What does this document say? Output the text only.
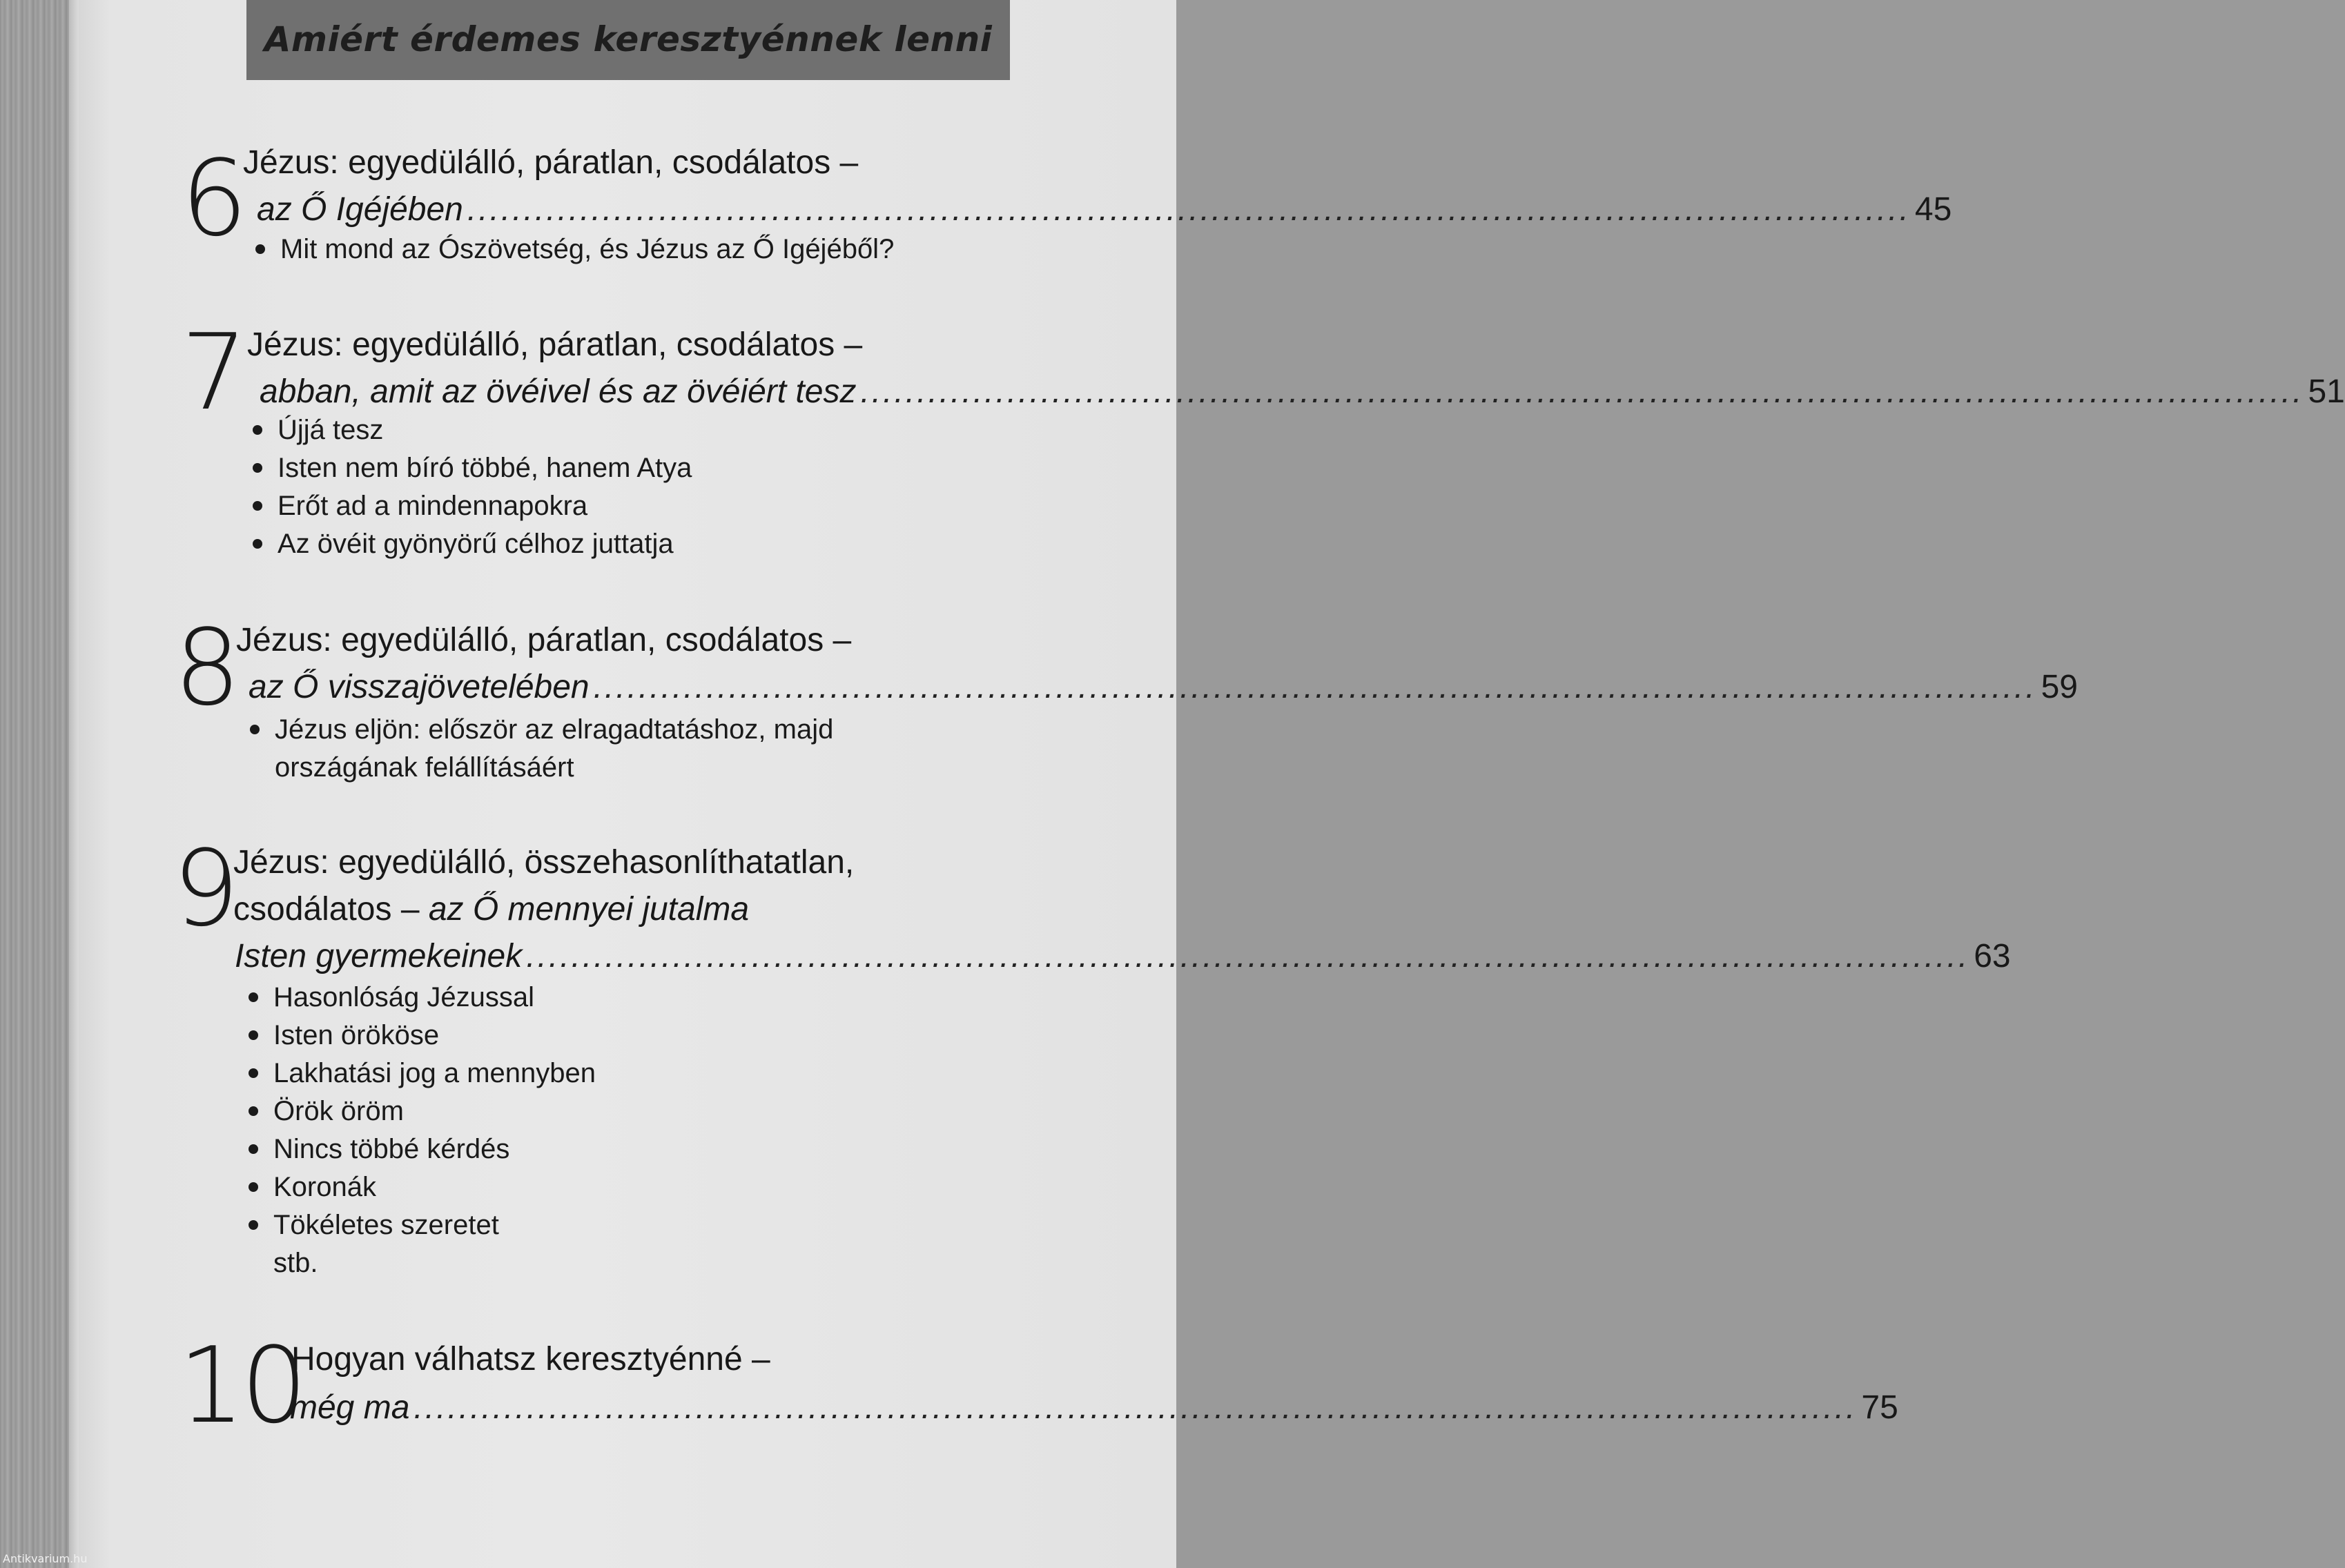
Amiért érdemes keresztyénnek lenni
6
Jézus: egyedülálló, páratlan, csodálatos –
az Ő Igéjében ................................................................................................................................ 45
Mit mond az Ószövetség, és Jézus az Ő Igéjéből?
7 Jézus: egyedülálló, páratlan, csodálatos –
abban, amit az övéivel és az övéiért tesz ................................................................................................................................ 51
Újjá tesz
Isten nem bíró többé, hanem Atya
Erőt ad a mindennapokra
Az övéit gyönyörű célhoz juttatja
8
Jézus: egyedülálló, páratlan, csodálatos –
az Ő visszajövetelében ................................................................................................................................ 59
Jézus eljön: először az elragadtatáshoz, majd
országának felállításáért
9
Jézus: egyedülálló, összehasonlíthatatlan,
csodálatos – az Ő mennyei jutalma
Isten gyermekeinek ................................................................................................................................ 63
Hasonlóság Jézussal
Isten örököse
Lakhatási jog a mennyben
Örök öröm
Nincs többé kérdés
Koronák
Tökéletes szeretet
stb.
10
Hogyan válhatsz keresztyénné –
még ma ................................................................................................................................ 75
Antikvarium.hu
